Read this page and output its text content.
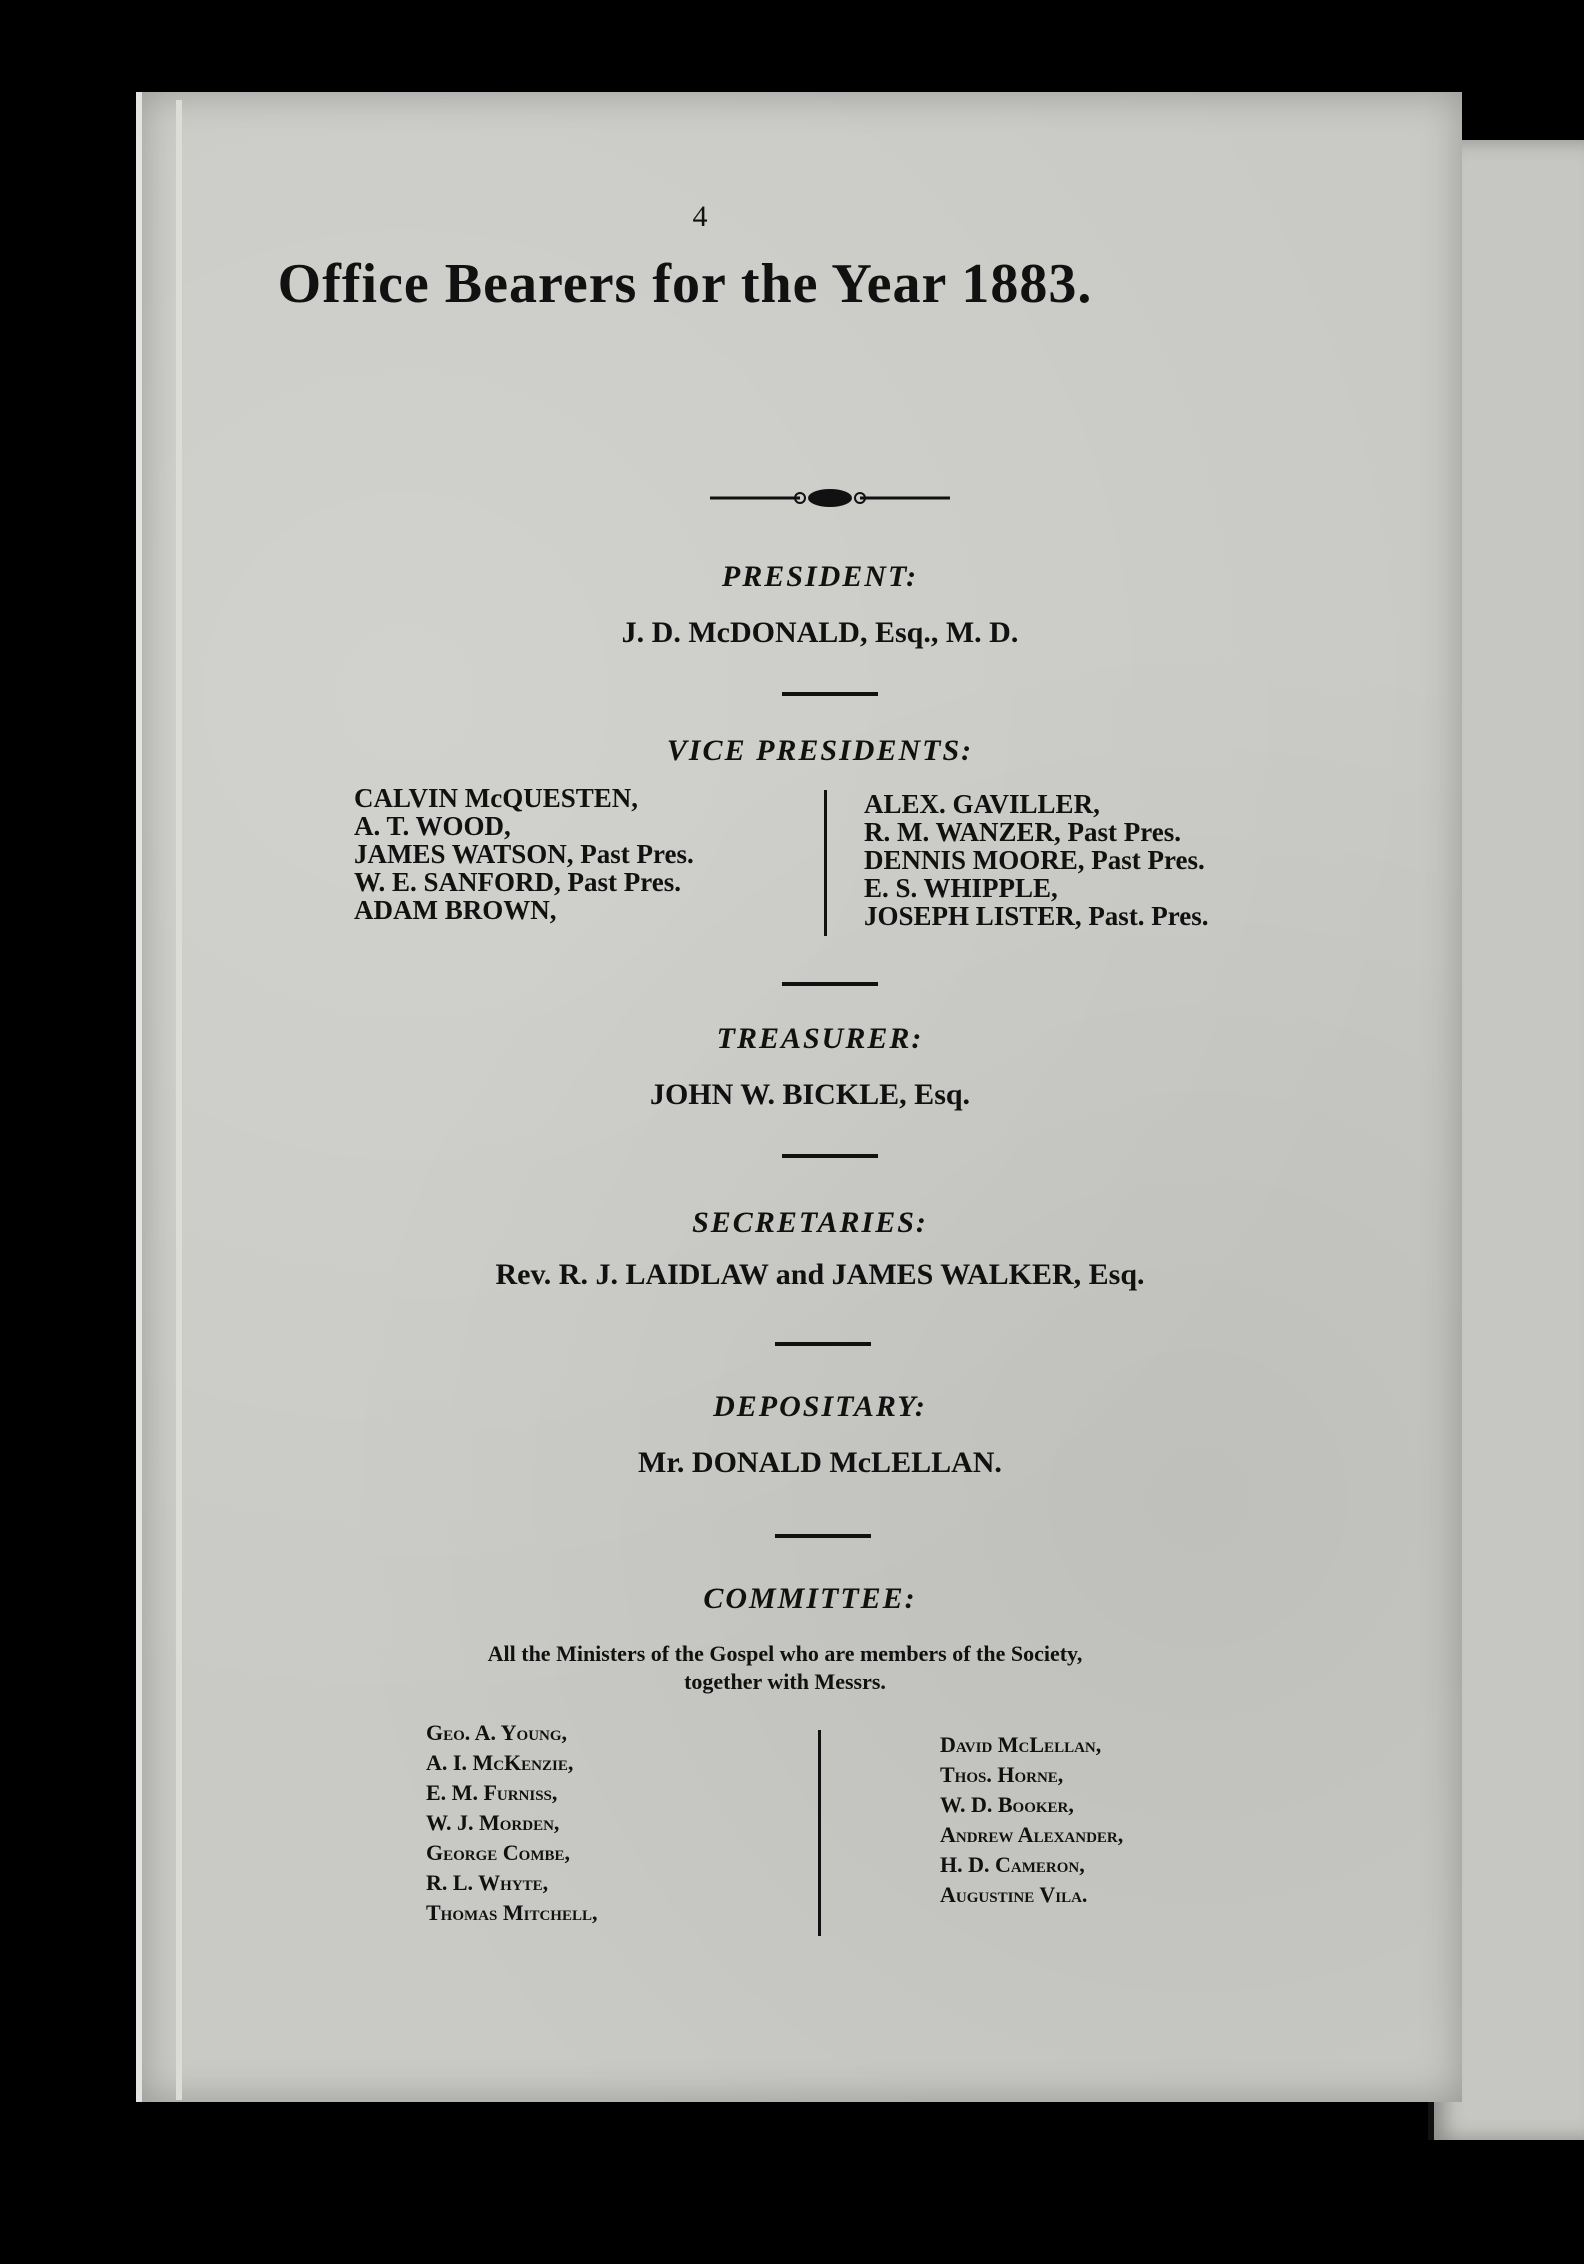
4
Office Bearers for the Year 1883.
PRESIDENT:
J. D. McDONALD, Esq., M. D.
VICE PRESIDENTS:
CALVIN McQUESTEN,
A. T. WOOD,
JAMES WATSON, Past Pres.
W. E. SANFORD, Past Pres.
ADAM BROWN,
ALEX. GAVILLER,
R. M. WANZER, Past Pres.
DENNIS MOORE, Past Pres.
E. S. WHIPPLE,
JOSEPH LISTER, Past. Pres.
TREASURER:
JOHN W. BICKLE, Esq.
SECRETARIES:
Rev. R. J. LAIDLAW and JAMES WALKER, Esq.
DEPOSITARY:
Mr. DONALD McLELLAN.
COMMITTEE:
All the Ministers of the Gospel who are members of the Society,
together with Messrs.
Geo. A. Young,
A. I. McKenzie,
E. M. Furniss,
W. J. Morden,
George Combe,
R. L. Whyte,
Thomas Mitchell,
David McLellan,
Thos. Horne,
W. D. Booker,
Andrew Alexander,
H. D. Cameron,
Augustine Vila.
